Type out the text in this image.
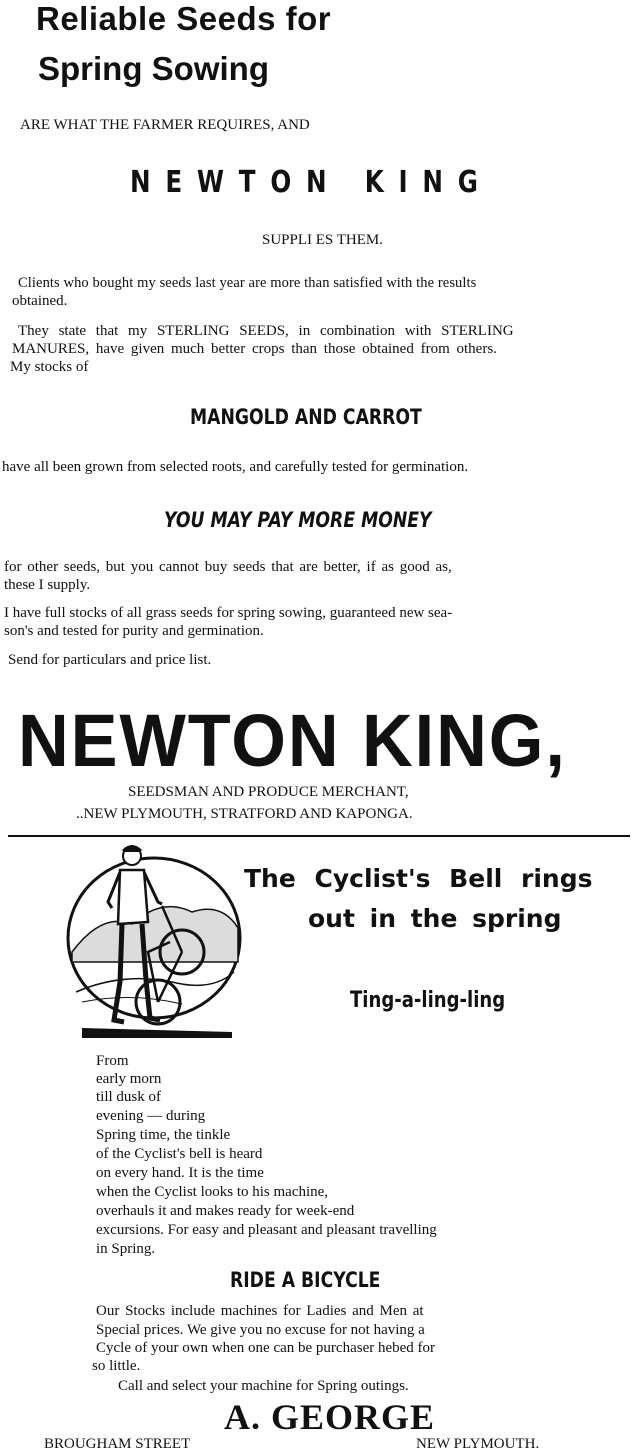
Reliable Seeds for
Spring Sowing
ARE WHAT THE FARMER REQUIRES, AND
NEWTON KING
SUPPLI ES THEM.
Clients who bought my seeds last year are more than satisfied with the results
obtained.
They state that my STERLING SEEDS, in combination with STERLING
MANURES, have given much better crops than those obtained from others.
My stocks of
MANGOLD AND CARROT
have all been grown from selected roots, and carefully tested for germination.
YOU MAY PAY MORE MONEY
for other seeds, but you cannot buy seeds that are better, if as good as,
these I supply.
I have full stocks of all grass seeds for spring sowing, guaranteed new sea-
son's and tested for purity and germination.
Send for particulars and price list.
NEWTON KING,
SEEDSMAN AND PRODUCE MERCHANT,
..NEW PLYMOUTH, STRATFORD AND KAPONGA.
The Cyclist's Bell rings
out in the spring
Ting-a-ling-ling
From
early morn
till dusk of
evening — during
Spring time, the tinkle
of the Cyclist's bell is heard
on every hand. It is the time
when the Cyclist looks to his machine,
overhauls it and makes ready for week-end
excursions. For easy and pleasant and pleasant travelling
in Spring.
RIDE A BICYCLE
Our Stocks include machines for Ladies and Men at
Special prices. We give you no excuse for not having a
Cycle of your own when one can be purchaser hebed for
so little.
Call and select your machine for Spring outings.
A. GEORGE
BROUGHAM STREET	NEW PLYMOUTH.
